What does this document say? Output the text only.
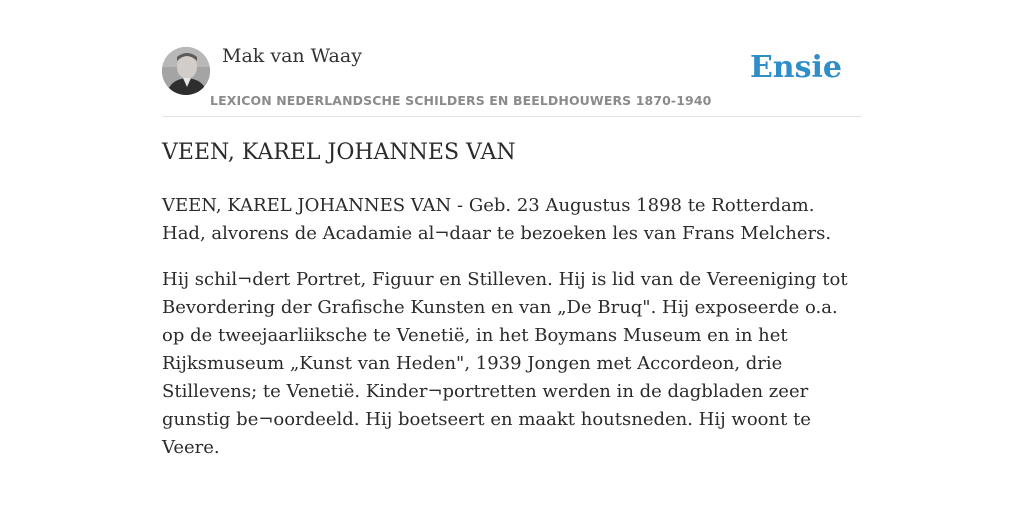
Mak van Waay
LEXICON NEDERLANDSCHE SCHILDERS EN BEELDHOUWERS 1870-1940
Ensie
VEEN, KAREL JOHANNES VAN

VEEN, KAREL JOHANNES VAN - Geb. 23 Augustus 1898 te Rotterdam. Had, alvorens de Acadamie al¬daar te bezoeken les van Frans Melchers.

Hij schil¬dert Portret, Figuur en Stilleven. Hij is lid van de Vereeniging tot Bevordering der Grafische Kunsten en van „De Bruq". Hij exposeerde o.a. op de tweejaarliiksche te Venetië, in het Boymans Museum en in het Rijksmuseum „Kunst van Heden", 1939 Jongen met Accordeon, drie Stillevens; te Venetië. Kinder¬portretten werden in de dagbladen zeer gunstig be¬oordeeld. Hij boetseert en maakt houtsneden. Hij woont te Veere.
